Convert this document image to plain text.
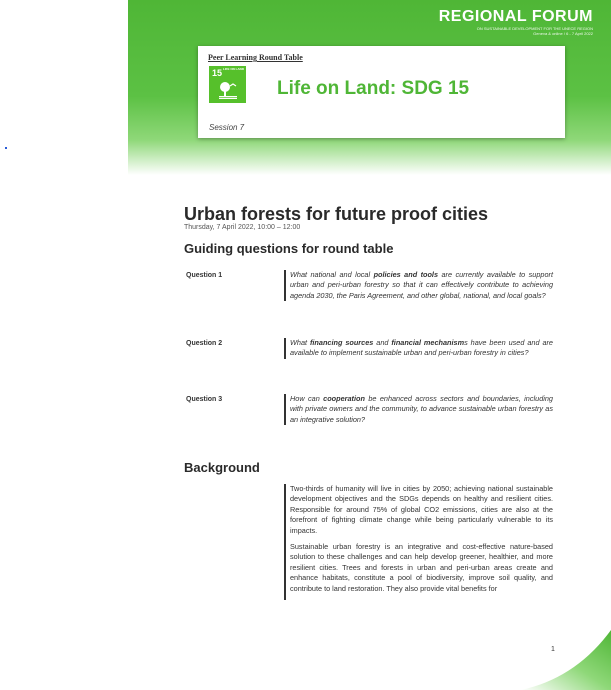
REGIONAL FORUM
ON SUSTAINABLE DEVELOPMENT FOR THE UNECE REGION
Geneva & online / 6 - 7 April 2022
Peer Learning Round Table
15 LIFE ON LAND
Life on Land: SDG 15
Session 7
Urban forests for future proof cities
Thursday, 7 April 2022, 10:00 – 12:00
Guiding questions for round table
Question 1	What national and local policies and tools are currently available to support urban and peri-urban forestry so that it can effectively contribute to achieving agenda 2030, the Paris Agreement, and other global, national, and local goals?
Question 2	What financing sources and financial mechanisms have been used and are available to implement sustainable urban and peri-urban forestry in cities?
Question 3	How can cooperation be enhanced across sectors and boundaries, including with private owners and the community, to advance sustainable urban forestry as an integrative solution?
Background

Two-thirds of humanity will live in cities by 2050; achieving national sustainable development objectives and the SDGs depends on healthy and resilient cities. Responsible for around 75% of global CO2 emissions, cities are also at the forefront of fighting climate change while being particularly vulnerable to its impacts.

Sustainable urban forestry is an integrative and cost-effective nature-based solution to these challenges and can help develop greener, healthier, and more resilient cities. Trees and forests in urban and peri-urban areas create and enhance habitats, constitute a pool of biodiversity, improve soil quality, and contribute to land restoration. They also provide vital benefits for

1
